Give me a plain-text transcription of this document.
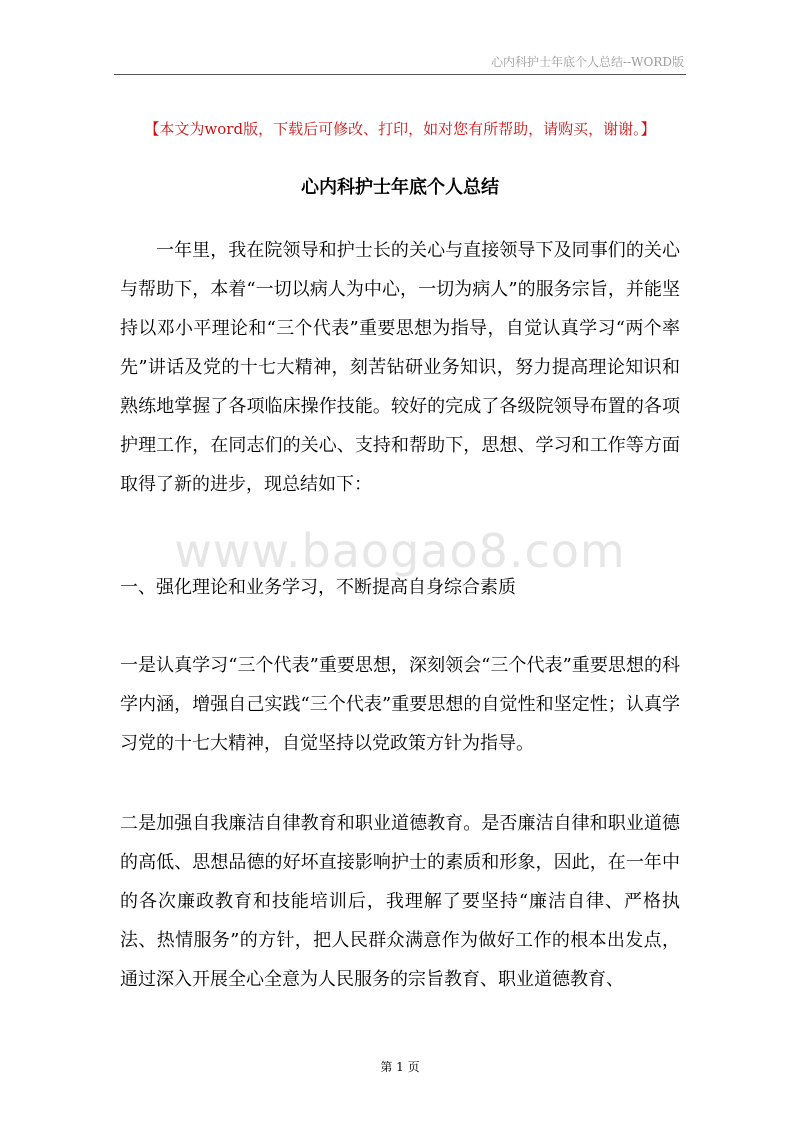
心内科护士年底个人总结--WORD版
【本文为word版，下载后可修改、打印，如对您有所帮助，请购买，谢谢。】
心内科护士年底个人总结

一年里，我在院领导和护士长的关心与直接领导下及同事们的关心与帮助下，本着“一切以病人为中心，一切为病人”的服务宗旨，并能坚持以邓小平理论和“三个代表”重要思想为指导，自觉认真学习“两个率先”讲话及党的十七大精神，刻苦钻研业务知识，努力提高理论知识和熟练地掌握了各项临床操作技能。较好的完成了各级院领导布置的各项护理工作，在同志们的关心、支持和帮助下，思想、学习和工作等方面取得了新的进步，现总结如下：

www.baogao8.com

一、强化理论和业务学习，不断提高自身综合素质

一是认真学习“三个代表”重要思想，深刻领会“三个代表”重要思想的科学内涵，增强自己实践“三个代表”重要思想的自觉性和坚定性；认真学习党的十七大精神，自觉坚持以党政策方针为指导。

二是加强自我廉洁自律教育和职业道德教育。是否廉洁自律和职业道德的高低、思想品德的好坏直接影响护士的素质和形象，因此，在一年中的各次廉政教育和技能培训后，我理解了要坚持“廉洁自律、严格执法、热情服务”的方针，把人民群众满意作为做好工作的根本出发点，通过深入开展全心全意为人民服务的宗旨教育、职业道德教育、

第 1 页
